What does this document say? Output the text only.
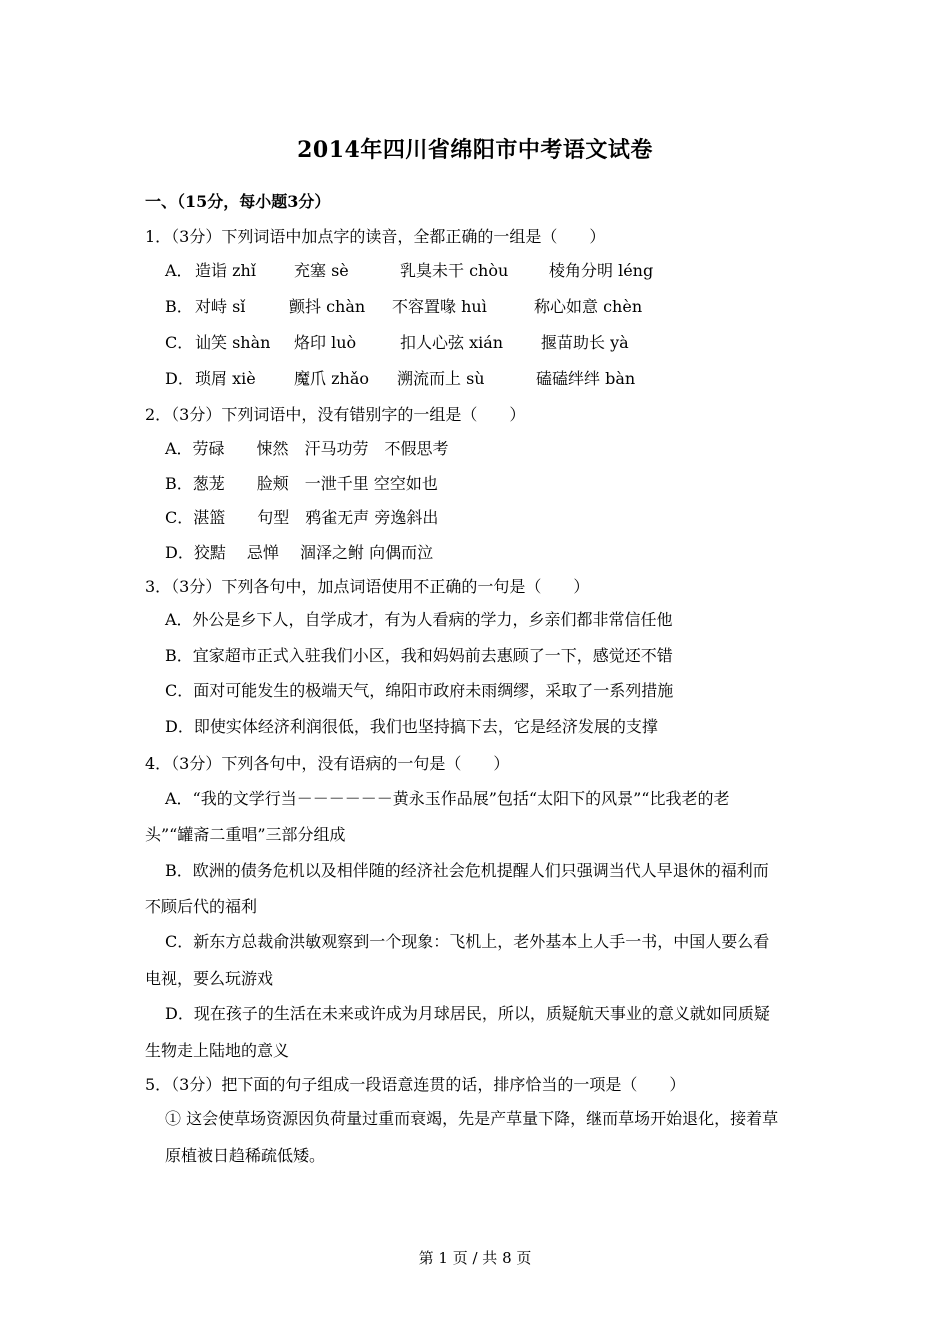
2014年四川省绵阳市中考语文试卷
一、（15分，每小题3分）
1．（3分）下列词语中加点字的读音，全都正确的一组是（　　）
A． 造诣 zhǐ 充塞 sè	乳臭未干 chòu	棱角分明 léng
B． 对峙 sǐ	颤抖 chàn 不容置喙 huì	称心如意 chèn
C． 讪笑 shàn 烙印 luò	扣人心弦 xián 揠苗助长 yà
D． 琐屑 xiè 魔爪 zhǎo 溯流而上 sù	磕磕绊绊 bàn
2．（3分）下列词语中，没有错别字的一组是（　　）
A．劳碌　　悚然　汗马功劳　不假思考
B．葱茏　　脸颊　一泄千里 空空如也
C．湛篮　　句型　鸦雀无声 旁逸斜出
D．狡黠　 忌惮　 涸泽之鲋 向偶而泣
3．（3分）下列各句中，加点词语使用不正确的一句是（　　）
A．外公是乡下人，自学成才，有为人看病的学力，乡亲们都非常信任他
B．宜家超市正式入驻我们小区，我和妈妈前去惠顾了一下，感觉还不错
C．面对可能发生的极端天气，绵阳市政府未雨绸缪，采取了一系列措施
D．即使实体经济利润很低，我们也坚持搞下去，它是经济发展的支撑
4．（3分）下列各句中，没有语病的一句是（　　）
A．“我的文学行当－－－－－－黄永玉作品展”包括“太阳下的风景”“比我老的老
头”“罐斋二重唱”三部分组成
B．欧洲的债务危机以及相伴随的经济社会危机提醒人们只强调当代人早退休的福利而
不顾后代的福利
C．新东方总裁俞洪敏观察到一个现象：飞机上，老外基本上人手一书，中国人要么看
电视，要么玩游戏
D．现在孩子的生活在未来或许成为月球居民，所以，质疑航天事业的意义就如同质疑
生物走上陆地的意义
5．（3分）把下面的句子组成一段语意连贯的话，排序恰当的一项是（　　）
① 这会使草场资源因负荷量过重而衰竭，先是产草量下降，继而草场开始退化，接着草
原植被日趋稀疏低矮。
第 1 页 / 共 8 页
